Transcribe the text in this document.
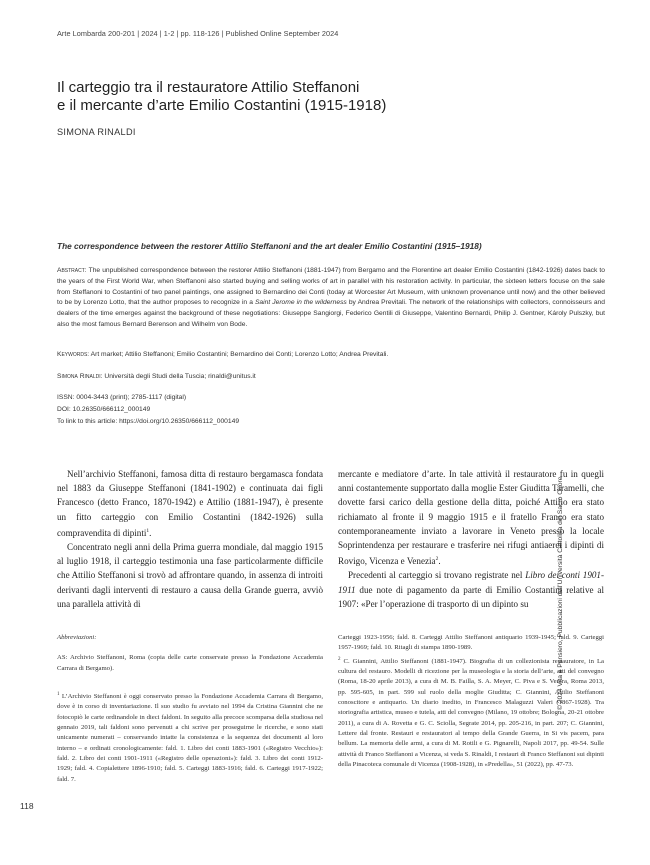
Arte Lombarda 200-201 | 2024 | 1-2 | pp. 118-126 | Published Online September 2024
Il carteggio tra il restauratore Attilio Steffanoni
e il mercante d’arte Emilio Costantini (1915-1918)
SIMONA RINALDI
The correspondence between the restorer Attilio Steffanoni and the art dealer Emilio Costantini (1915–1918)

Abstract: The unpublished correspondence between the restorer Attilio Steffanoni (1881-1947) from Bergamo and the Florentine art dealer Emilio Costantini (1842-1926) dates back to the years of the First World War, when Steffanoni also started buying and selling works of art in parallel with his restoration activity. In particular, the sixteen letters focuse on the sale from Steffanoni to Costantini of two panel paintings, one assigned to Bernardino dei Conti (today at Worcester Art Museum, with unknown provenance until now) and the other believed to be by Lorenzo Lotto, that the author proposes to recognize in a Saint Jerome in the wilderness by Andrea Previtali. The network of the relationships with collectors, connoisseurs and dealers of the time emerges against the background of these negotiations: Giuseppe Sangiorgi, Federico Gentili di Giuseppe, Valentino Bernardi, Philip J. Gentner, Károly Pulszky, but also the most famous Bernard Berenson and Wilhelm von Bode.

Keywords: Art market; Attilio Steffanoni; Emilio Costantini; Bernardino dei Conti; Lorenzo Lotto; Andrea Previtali.

Simona Rinaldi: Università degli Studi della Tuscia; rinaldi@unitus.it

ISSN: 0004-3443 (print); 2785-1117 (digital)

DOI: 10.26350/666112_000149

To link to this article: https://doi.org/10.26350/666112_000149

Nell’archivio Steffanoni, famosa ditta di restauro bergamasca fondata nel 1883 da Giuseppe Steffanoni (1841-1902) e continuata dai figli Francesco (detto Franco, 1870-1942) e Attilio (1881-1947), è presente un fitto carteggio con Emilio Costantini (1842-1926) sulla compravendita di dipinti$^1$.

Concentrato negli anni della Prima guerra mondiale, dal maggio 1915 al luglio 1918, il carteggio testimonia una fase particolarmente difficile che Attilio Steffanoni si trovò ad affrontare quando, in assenza di introiti derivanti dagli interventi di restauro a causa della Grande guerra, avviò una parallela attività di

mercante e mediatore d’arte. In tale attività il restauratore fu in quegli anni costantemente supportato dalla moglie Ester Giuditta Taramelli, che dovette farsi carico della gestione della ditta, poiché Attilio era stato richiamato al fronte il 9 maggio 1915 e il fratello Franco era stato contemporaneamente inviato a lavorare in Veneto presso la locale Soprintendenza per restaurare e trasferire nei rifugi antiaerei i dipinti di Rovigo, Vicenza e Venezia$^2$.

Precedenti al carteggio si trovano registrate nel Libro dei conti 1901-1911 due note di pagamento da parte di Emilio Costantini relative al 1907: «Per l’operazione di trasporto di un dipinto su

Abbreviazioni:

AS: Archivio Steffanoni, Roma (copia delle carte conservate presso la Fondazione Accademia Carrara di Bergamo).

$^1$ L’Archivio Steffanoni è oggi conservato presso la Fondazione Accademia Carrara di Bergamo, dove è in corso di inventariazione. Il suo studio fu avviato nel 1994 da Cristina Giannini che ne fotocopiò le carte ordinandole in dieci faldoni. In seguito alla precoce scomparsa della studiosa nel gennaio 2019, tali faldoni sono pervenuti a chi scrive per proseguirne le ricerche, e sono stati unicamente numerati – conservando intatte la consistenza e la sequenza dei documenti al loro interno – e ordinati cronologicamente: fald. 1. Libro dei conti 1883-1901 («Registro Vecchio»): fald. 2. Libro dei conti 1901-1911 («Registro delle operazioni»): fald. 3. Libro dei conti 1912-1929; fald. 4. Copialettere 1896-1910; fald. 5. Carteggi 1883-1916; fald. 6. Carteggi 1917-1922; fald. 7.

Carteggi 1923-1956; fald. 8. Carteggi Attilio Steffanoni antiquario 1939-1945; fald. 9. Carteggi 1957-1969; fald. 10. Ritagli di stampa 1890-1989.

$^2$ C. Giannini, Attilio Steffanoni (1881-1947). Biografia di un collezionista restauratore, in La cultura del restauro. Modelli di ricezione per la museologia e la storia dell’arte, atti del convegno (Roma, 18-20 aprile 2013), a cura di M. B. Failla, S. A. Meyer, C. Piva e S. Ventra, Roma 2013, pp. 595-605, in part. 599 sul ruolo della moglie Giuditta; C. Giannini, Attilio Steffanoni conoscitore e antiquario. Un diario inedito, in Francesco Malaguzzi Valeri (1867-1928). Tra storiografia artistica, museo e tutela, atti del convegno (Milano, 19 ottobre; Bologna, 20-21 ottobre 2011), a cura di A. Rovetta e G. C. Sciolla, Segrate 2014, pp. 205-216, in part. 207; C. Giannini, Lettere dal fronte. Restauri e restauratori al tempo della Grande Guerra, in Si vis pacem, para bellum. La memoria delle armi, a cura di M. Rotili e G. Pignarelli, Napoli 2017, pp. 49-54. Sulle attività di Franco Steffanoni a Vicenza, si veda S. Rinaldi, I restauri di Franco Steffanoni sui dipinti della Pinacoteca comunale di Vicenza (1908-1928), in «Predella», 51 (2022), pp. 47-73.

118
© 2024 Vita e Pensiero, Pubblicazioni dell’Università Cattolica del Sacro Cuore
